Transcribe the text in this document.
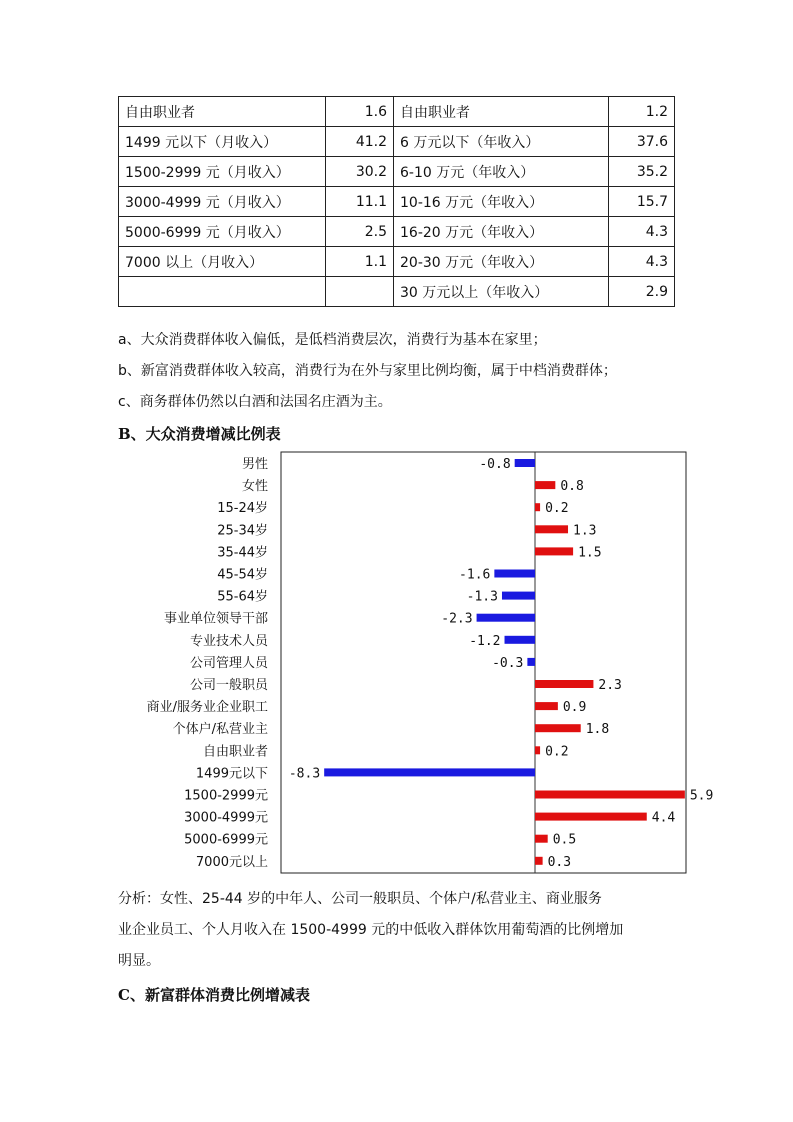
自由职业者	1.6	自由职业者	1.2
1499 元以下（月收入）	41.2	6 万元以下（年收入）	37.6
1500-2999 元（月收入）	30.2	6-10 万元（年收入）	35.2
3000-4999 元（月收入）	11.1	10-16 万元（年收入）	15.7
5000-6999 元（月收入）	2.5	16-20 万元（年收入）	4.3
7000 以上（月收入）	1.1	20-30 万元（年收入）	4.3
		30 万元以上（年收入）	2.9
a、大众消费群体收入偏低，是低档消费层次，消费行为基本在家里；
b、新富消费群体收入较高，消费行为在外与家里比例均衡，属于中档消费群体；
c、商务群体仍然以白酒和法国名庄酒为主。
B、大众消费增减比例表
男性	-0.8
女性	0.8
15-24岁	0.2
25-34岁	1.3
35-44岁	1.5
45-54岁	-1.6
55-64岁	-1.3
事业单位领导干部	-2.3
专业技术人员	-1.2
公司管理人员	-0.3
公司一般职员	2.3
商业/服务业企业职工	0.9
个体户/私营业主	1.8
自由职业者	0.2
1499元以下 -8.3
1500-2999元	5.9
3000-4999元	4.4
5000-6999元	0.5
7000元以上	0.3
分析：女性、25-44 岁的中年人、公司一般职员、个体户/私营业主、商业服务
业企业员工、个人月收入在 1500-4999 元的中低收入群体饮用葡萄酒的比例增加
明显。
C、新富群体消费比例增减表
